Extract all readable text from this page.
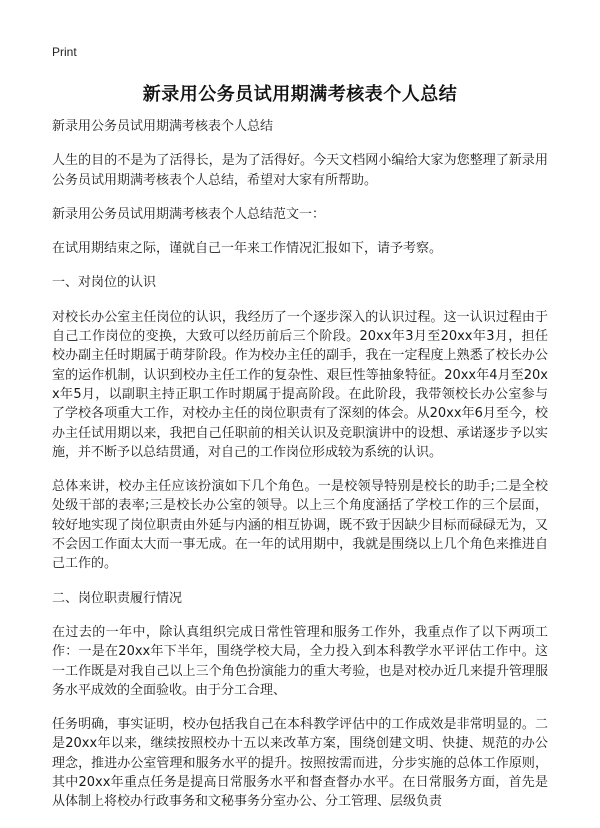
Print
新录用公务员试用期满考核表个人总结

新录用公务员试用期满考核表个人总结

人生的目的不是为了活得长，是为了活得好。今天文档网小编给大家为您整理了新录用公务员试用期满考核表个人总结，希望对大家有所帮助。

新录用公务员试用期满考核表个人总结范文一：

在试用期结束之际，谨就自己一年来工作情况汇报如下，请予考察。

一、对岗位的认识

对校长办公室主任岗位的认识，我经历了一个逐步深入的认识过程。这一认识过程由于自己工作岗位的变换，大致可以经历前后三个阶段。20xx年3月至20xx年3月，担任校办副主任时期属于萌芽阶段。作为校办主任的副手，我在一定程度上熟悉了校长办公室的运作机制，认识到校办主任工作的复杂性、艰巨性等抽象特征。20xx年4月至20xx年5月，以副职主持正职工作时期属于提高阶段。在此阶段，我带领校长办公室参与了学校各项重大工作，对校办主任的岗位职责有了深刻的体会。从20xx年6月至今，校办主任试用期以来，我把自己任职前的相关认识及竞职演讲中的设想、承诺逐步予以实施，并不断予以总结贯通，对自己的工作岗位形成较为系统的认识。

总体来讲，校办主任应该扮演如下几个角色。一是校领导特别是校长的助手;二是全校处级干部的表率;三是校长办公室的领导。以上三个角度涵括了学校工作的三个层面，较好地实现了岗位职责由外延与内涵的相互协调，既不致于因缺少目标而碌碌无为，又不会因工作面太大而一事无成。在一年的试用期中，我就是围绕以上几个角色来推进自己工作的。

二、岗位职责履行情况

在过去的一年中，除认真组织完成日常性管理和服务工作外，我重点作了以下两项工作：一是在20xx年下半年，围绕学校大局，全力投入到本科教学水平评估工作中。这一工作既是对我自己以上三个角色扮演能力的重大考验，也是对校办近几来提升管理服务水平成效的全面验收。由于分工合理、

任务明确，事实证明，校办包括我自己在本科教学评估中的工作成效是非常明显的。二是20xx年以来，继续按照校办十五以来改革方案，围绕创建文明、快捷、规范的办公理念，推进办公室管理和服务水平的提升。按照按需而进，分步实施的总体工作原则，其中20xx年重点任务是提高日常服务水平和督查督办水平。在日常服务方面，首先是从体制上将校办行政事务和文秘事务分室办公、分工管理、层级负责
